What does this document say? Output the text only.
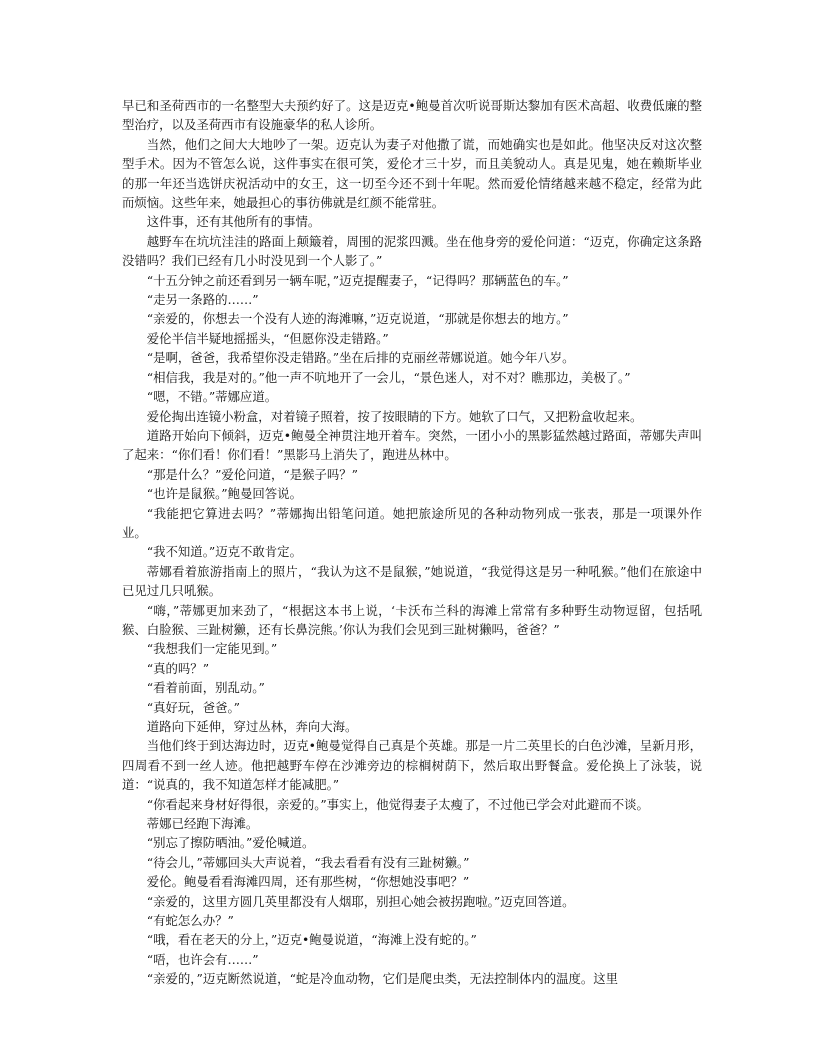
早已和圣荷西市的一名整型大夫预约好了。这是迈克•鲍曼首次听说哥斯达黎加有医术高超、收费低廉的整型治疗，以及圣荷西市有设施豪华的私人诊所。

当然，他们之间大大地吵了一架。迈克认为妻子对他撒了谎，而她确实也是如此。他坚决反对这次整型手术。因为不管怎么说，这件事实在很可笑，爱伦才三十岁，而且美貌动人。真是见鬼，她在赖斯毕业的那一年还当选饼庆祝活动中的女王，这一切至今还不到十年呢。然而爱伦情绪越来越不稳定，经常为此而烦恼。这些年来，她最担心的事彷佛就是红颜不能常驻。

这件事，还有其他所有的事情。

越野车在坑坑洼洼的路面上颠簸着，周围的泥浆四溅。坐在他身旁的爱伦问道：“迈克，你确定这条路没错吗？我们已经有几小时没见到一个人影了。”

“十五分钟之前还看到另一辆车呢，”迈克提醒妻子，“记得吗？那辆蓝色的车。”

“走另一条路的……”

“亲爱的，你想去一个没有人迹的海滩嘛，”迈克说道，“那就是你想去的地方。”

爱伦半信半疑地摇摇头，“但愿你没走错路。”

“是啊，爸爸，我希望你没走错路。”坐在后排的克丽丝蒂娜说道。她今年八岁。

“相信我，我是对的。”他一声不吭地开了一会儿，“景色迷人，对不对？瞧那边，美极了。”

“嗯，不错。”蒂娜应道。

爱伦掏出连镜小粉盒，对着镜子照着，按了按眼睛的下方。她软了口气，又把粉盒收起来。

道路开始向下倾斜，迈克•鲍曼全神贯注地开着车。突然，一团小小的黑影猛然越过路面，蒂娜失声叫了起来：“你们看！你们看！”黑影马上消失了，跑进丛林中。

“那是什么？”爱伦问道，“是猴子吗？”

“也许是鼠猴。”鲍曼回答说。

“我能把它算进去吗？”蒂娜掏出铅笔问道。她把旅途所见的各种动物列成一张表，那是一项课外作业。

“我不知道。”迈克不敢肯定。

蒂娜看着旅游指南上的照片，“我认为这不是鼠猴，”她说道，“我觉得这是另一种吼猴。”他们在旅途中已见过几只吼猴。

“嗨，”蒂娜更加来劲了，“根据这本书上说，‘卡沃布兰科的海滩上常常有多种野生动物逗留，包括吼猴、白脸猴、三趾树獭，还有长鼻浣熊。’你认为我们会见到三趾树獭吗，爸爸？”

“我想我们一定能见到。”

“真的吗？”

“看着前面，别乱动。”

“真好玩，爸爸。”

道路向下延伸，穿过丛林，奔向大海。

当他们终于到达海边时，迈克•鲍曼觉得自己真是个英雄。那是一片二英里长的白色沙滩，呈新月形，四周看不到一丝人迹。他把越野车停在沙滩旁边的棕榈树荫下，然后取出野餐盒。爱伦换上了泳装，说道：“说真的，我不知道怎样才能减肥。”

“你看起来身材好得很，亲爱的。”事实上，他觉得妻子太瘦了，不过他已学会对此避而不谈。

蒂娜已经跑下海滩。

“别忘了擦防晒油。”爱伦喊道。

“待会儿，”蒂娜回头大声说着，“我去看看有没有三趾树獭。”

爱伦。鲍曼看看海滩四周，还有那些树，“你想她没事吧？”

“亲爱的，这里方圆几英里都没有人烟耶，别担心她会被拐跑啦。”迈克回答道。

“有蛇怎么办？”

“哦，看在老天的分上，”迈克•鲍曼说道，“海滩上没有蛇的。”

“唔，也许会有……”

“亲爱的，”迈克断然说道，“蛇是冷血动物，它们是爬虫类，无法控制体内的温度。这里
